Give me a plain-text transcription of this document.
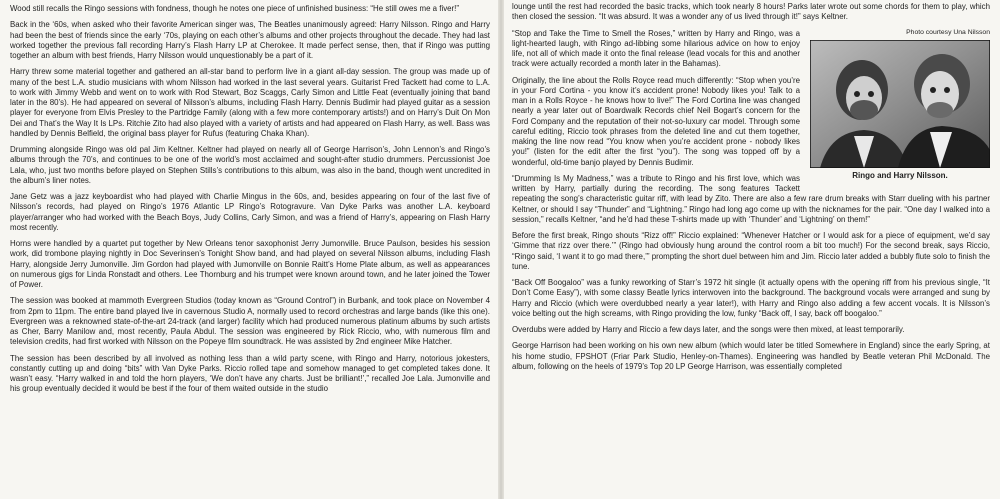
Wood still recalls the Ringo sessions with fondness, though he notes one piece of unfinished business: “He still owes me a fiver!”

Back in the ‘60s, when asked who their favorite American singer was, The Beatles unanimously agreed: Harry Nilsson. Ringo and Harry had been the best of friends since the early ‘70s, playing on each other’s albums and other projects throughout the decade. They had last worked together the previous fall recording Harry’s Flash Harry LP at Cherokee. It made perfect sense, then, that if Ringo was putting together an album with best friends, Harry Nilsson would unquestionably be a part of it.

Harry threw some material together and gathered an all-star band to perform live in a giant all-day session. The group was made up of many of the best L.A. studio musicians with whom Nilsson had worked in the last several years. Guitarist Fred Tackett had come to L.A. to work with Jimmy Webb and went on to work with Rod Stewart, Boz Scaggs, Carly Simon and Little Feat (eventually joining that band later in the 80’s). He had appeared on several of Nilsson’s albums, including Flash Harry. Dennis Budimir had played guitar as a session player for everyone from Elvis Presley to the Partridge Family (along with a few more contemporary artists!) and on Harry’s Duit On Mon Dei and That’s the Way It Is LPs. Ritchie Zito had also played with a variety of artists and had appeared on Flash Harry, as well. Bass was handled by Dennis Belfield, the original bass player for Rufus (featuring Chaka Khan).

Drumming alongside Ringo was old pal Jim Keltner. Keltner had played on nearly all of George Harrison’s, John Lennon’s and Ringo’s albums through the 70’s, and continues to be one of the world’s most acclaimed and sought-after studio drummers. Percussionist Joe Lala, who, just two months before played on Stephen Stills’s contributions to this album, was also in the band, though went uncredited in the album’s liner notes.

Jane Getz was a jazz keyboardist who had played with Charlie Mingus in the 60s, and, besides appearing on four of the last five of Nilsson’s records, had played on Ringo’s 1976 Atlantic LP Ringo’s Rotogravure. Van Dyke Parks was another L.A. keyboard player/arranger who had worked with the Beach Boys, Judy Collins, Carly Simon, and was a friend of Harry’s, appearing on Flash Harry most recently.

Horns were handled by a quartet put together by New Orleans tenor saxophonist Jerry Jumonville. Bruce Paulson, besides his session work, did trombone playing nightly in Doc Severinsen’s Tonight Show band, and had played on several Nilsson albums, including Flash Harry, alongside Jerry Jumonville. Jim Gordon had played with Jumonville on Bonnie Raitt’s Home Plate album, as well as appearances on numerous gigs for Linda Ronstadt and others. Lee Thornburg and his trumpet were known around town, and he later joined the Tower of Power.

The session was booked at mammoth Evergreen Studios (today known as “Ground Control”) in Burbank, and took place on November 4 from 2pm to 11pm. The entire band played live in cavernous Studio A, normally used to record orchestras and large bands (like this one). Evergreen was a reknowned state-of-the-art 24-track (and larger) facility which had produced numerous platinum albums by such artists as Cher, Barry Manilow and, most recently, Paula Abdul. The session was engineered by Rick Riccio, who, with numerous film and television credits, had first worked with Nilsson on the Popeye film soundtrack. He was assisted by 2nd engineer Mike Hatcher.

The session has been described by all involved as nothing less than a wild party scene, with Ringo and Harry, notorious jokesters, constantly cutting up and doing “bits” with Van Dyke Parks. Riccio rolled tape and somehow managed to get completed takes done. It wasn’t easy. “Harry walked in and told the horn players, ‘We don’t have any charts. Just be brilliant!’,” recalled Joe Lala. Jumonville and his group eventually decided it would be best if the four of them waited outside in the studio

lounge until the rest had recorded the basic tracks, which took nearly 8 hours! Parks later wrote out some chords for them to play, which then closed the session. “It was absurd. It was a wonder any of us lived through it!” says Keltner.

Photo courtesy Una Nilsson
Ringo and Harry Nilsson.

“Stop and Take the Time to Smell the Roses,” written by Harry and Ringo, was a light-hearted laugh, with Ringo ad-libbing some hilarious advice on how to enjoy life, not all of which made it onto the final release (lead vocals for this and another track were actually recorded a month later in the Bahamas).

Originally, the line about the Rolls Royce read much differently: “Stop when you’re in your Ford Cortina - you know it’s accident prone! Nobody likes you! Talk to a man in a Rolls Royce - he knows how to live!” The Ford Cortina line was changed nearly a year later out of Boardwalk Records chief Neil Bogart’s concern for the Ford Company and the reputation of their not-so-luxury car model. Through some careful editing, Riccio took phrases from the deleted line and cut them together, making the line now read “You know when you’re accident prone - nobody likes you!” (listen for the edit after the first “you”). The song was topped off by a wonderful, old-time banjo played by Dennis Budimir.

“Drumming Is My Madness,” was a tribute to Ringo and his first love, which was written by Harry, partially during the recording. The song features Tackett repeating the song’s characteristic guitar riff, with lead by Zito. There are also a few rare drum breaks with Starr dueling with his partner Keltner, or should I say “Thunder” and “Lightning.” Ringo had long ago come up with the nicknames for the pair. “One day I walked into a session,” recalls Keltner, “and he’d had these T-shirts made up with ‘Thunder’ and ‘Lightning’ on them!”

Before the first break, Ringo shouts “Rizz off!” Riccio explained: “Whenever Hatcher or I would ask for a piece of equipment, we’d say ‘Gimme that rizz over there.’” (Ringo had obviously hung around the control room a bit too much!) For the second break, says Riccio, “Ringo said, ‘I want it to go mad there,’” prompting the short duel between him and Jim. Riccio later added a bubbly flute solo to finish the tune.

“Back Off Boogaloo” was a funky reworking of Starr’s 1972 hit single (it actually opens with the opening riff from his previous single, “It Don’t Come Easy”), with some classy Beatle lyrics interwoven into the background. The background vocals were arranged and sung by Harry and Riccio (which were overdubbed nearly a year later!), with Harry and Ringo also adding a few accent vocals. It is Nilsson’s voice belting out the high screams, with Ringo providing the low, funky “Back off, I say, back off boogaloo.”

Overdubs were added by Harry and Riccio a few days later, and the songs were then mixed, at least temporarily.

George Harrison had been working on his own new album (which would later be titled Somewhere in England) since the early Spring, at his home studio, FPSHOT (Friar Park Studio, Henley-on-Thames). Engineering was handled by Beatle veteran Phil McDonald. The album, following on the heels of 1979’s Top 20 LP George Harrison, was essentially completed
